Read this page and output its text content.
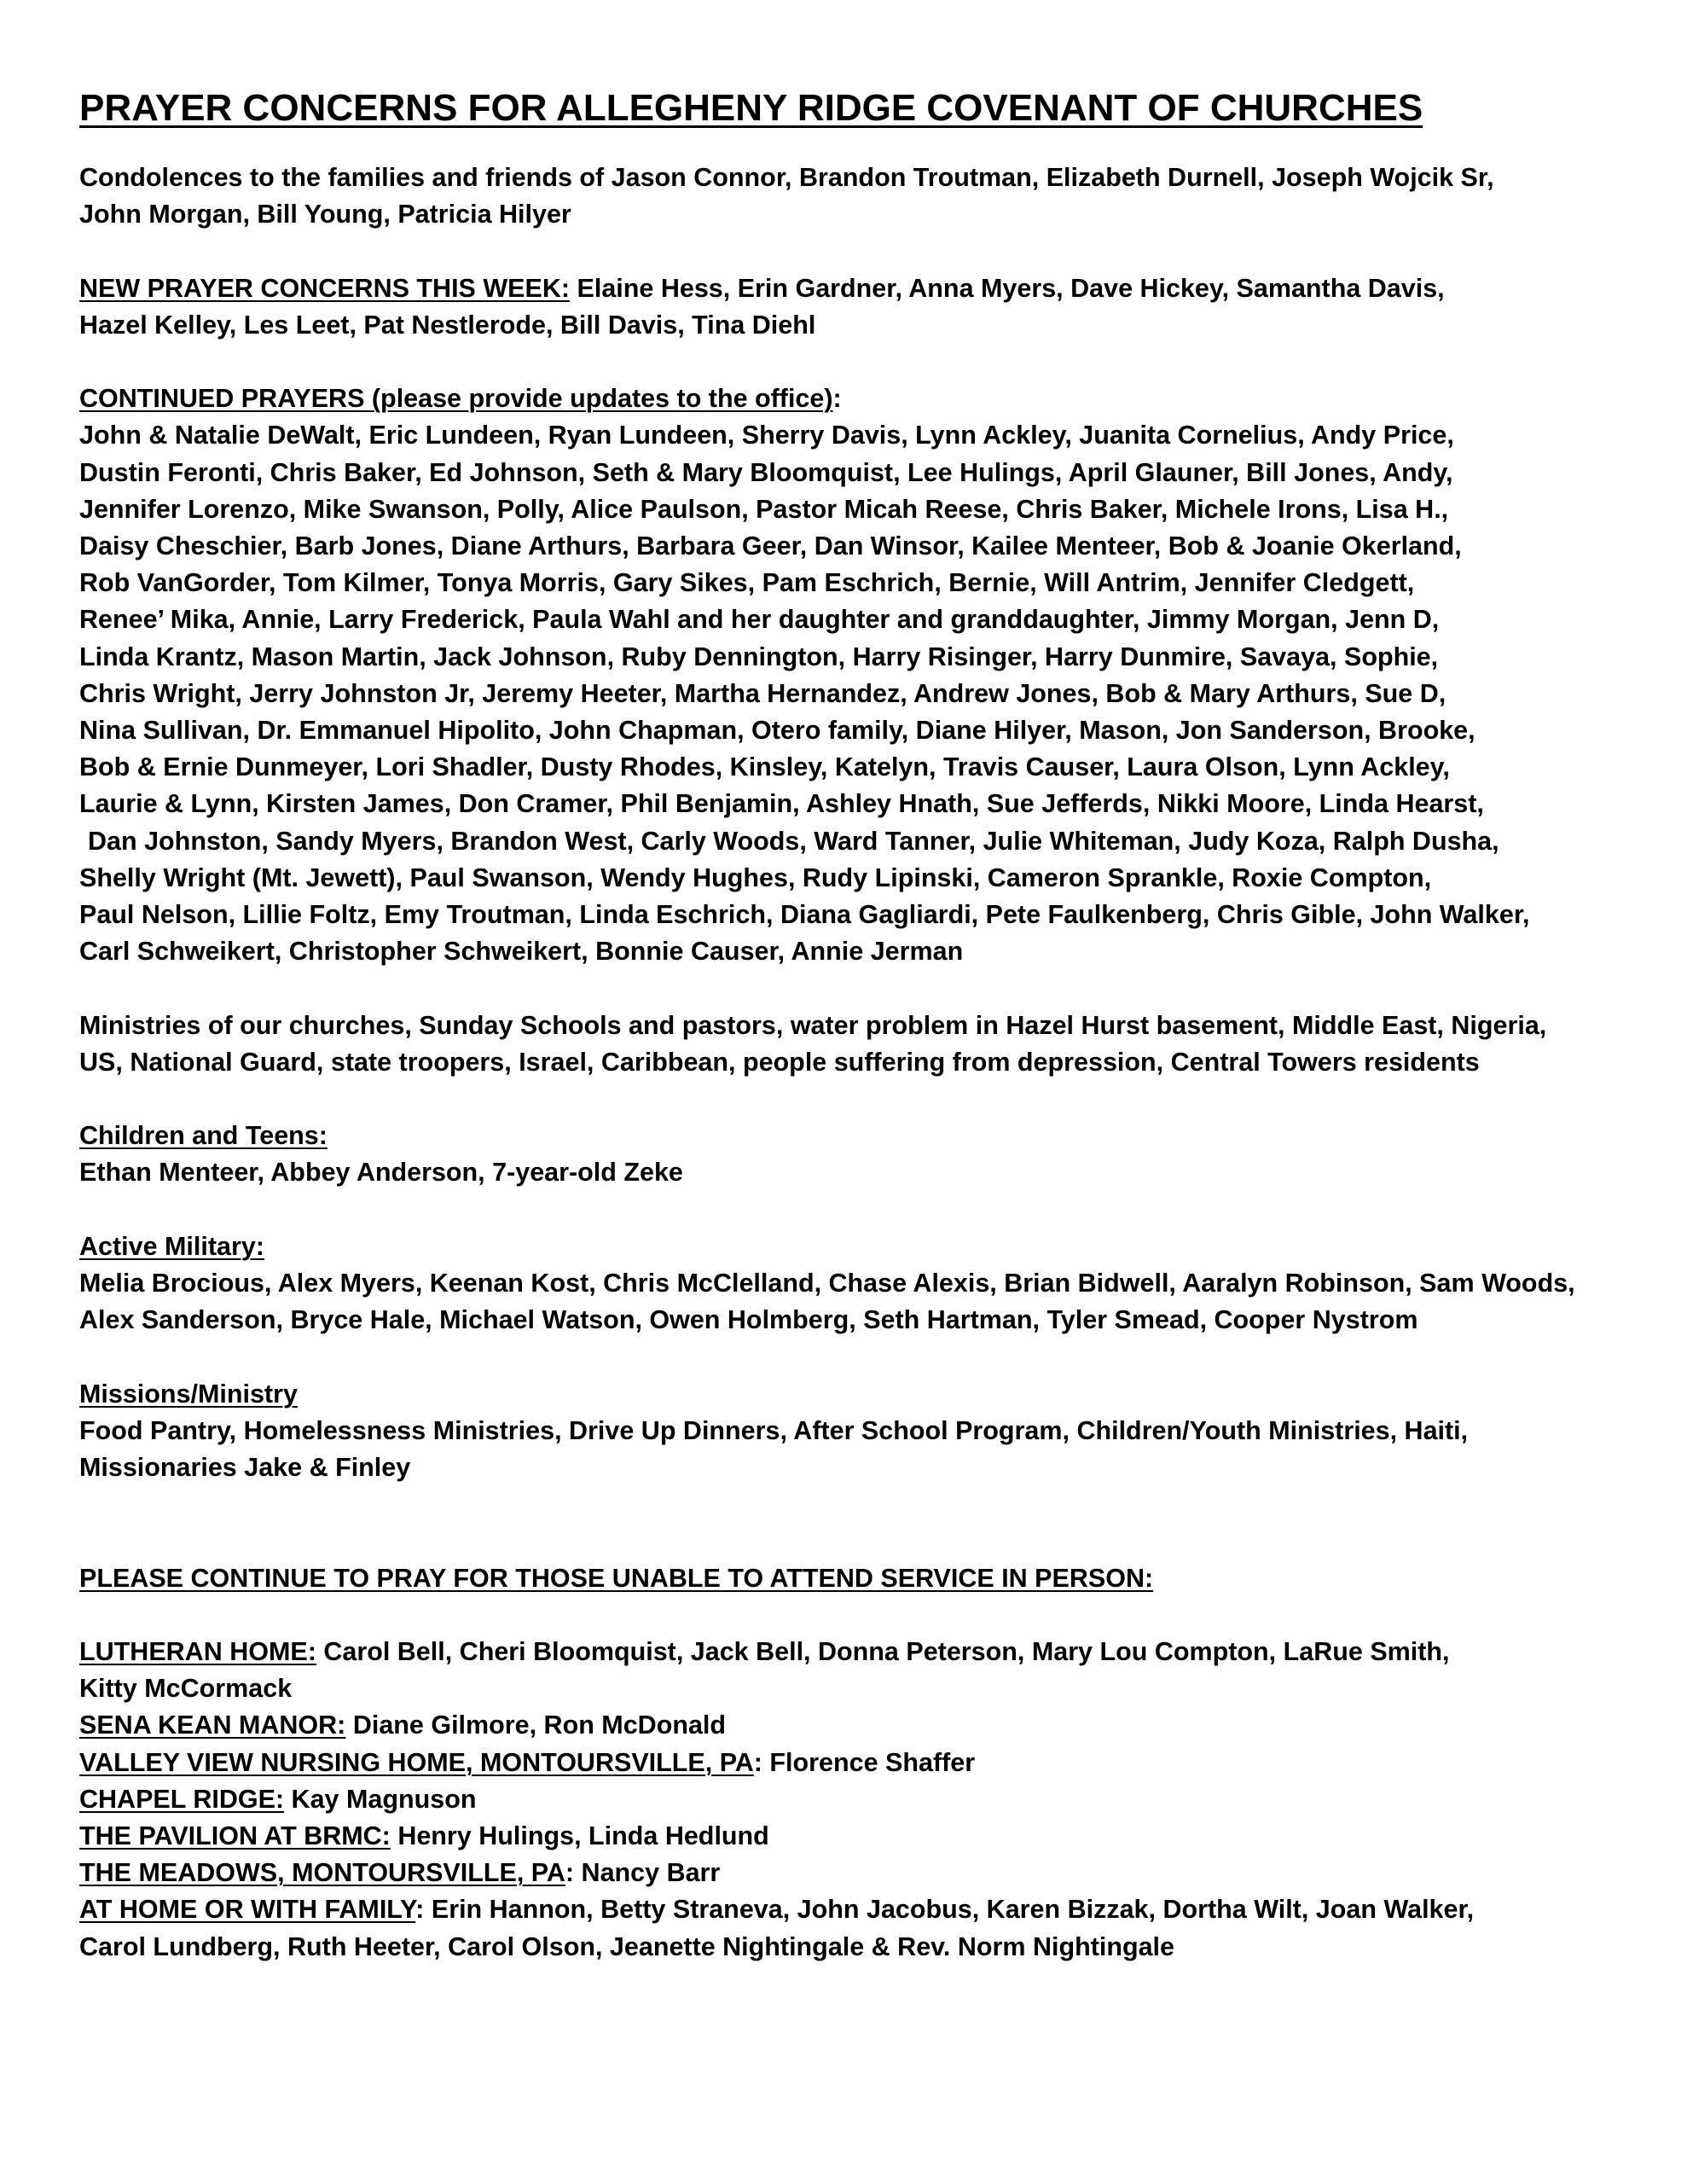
PRAYER CONCERNS FOR ALLEGHENY RIDGE COVENANT OF CHURCHES

Condolences to the families and friends of Jason Connor, Brandon Troutman, Elizabeth Durnell, Joseph Wojcik Sr,
John Morgan, Bill Young, Patricia Hilyer

NEW PRAYER CONCERNS THIS WEEK: Elaine Hess, Erin Gardner, Anna Myers, Dave Hickey, Samantha Davis,
Hazel Kelley, Les Leet, Pat Nestlerode, Bill Davis, Tina Diehl

CONTINUED PRAYERS (please provide updates to the office):
John & Natalie DeWalt, Eric Lundeen, Ryan Lundeen, Sherry Davis, Lynn Ackley, Juanita Cornelius, Andy Price,
Dustin Feronti, Chris Baker, Ed Johnson, Seth & Mary Bloomquist, Lee Hulings, April Glauner, Bill Jones, Andy,
Jennifer Lorenzo, Mike Swanson, Polly, Alice Paulson, Pastor Micah Reese, Chris Baker, Michele Irons, Lisa H.,
Daisy Cheschier, Barb Jones, Diane Arthurs, Barbara Geer, Dan Winsor, Kailee Menteer, Bob & Joanie Okerland,
Rob VanGorder, Tom Kilmer, Tonya Morris, Gary Sikes, Pam Eschrich, Bernie, Will Antrim, Jennifer Cledgett,
Renee’ Mika, Annie, Larry Frederick, Paula Wahl and her daughter and granddaughter, Jimmy Morgan, Jenn D,
Linda Krantz, Mason Martin, Jack Johnson, Ruby Dennington, Harry Risinger, Harry Dunmire, Savaya, Sophie,
Chris Wright, Jerry Johnston Jr, Jeremy Heeter, Martha Hernandez, Andrew Jones, Bob & Mary Arthurs, Sue D,
Nina Sullivan, Dr. Emmanuel Hipolito, John Chapman, Otero family, Diane Hilyer, Mason, Jon Sanderson, Brooke,
Bob & Ernie Dunmeyer, Lori Shadler, Dusty Rhodes, Kinsley, Katelyn, Travis Causer, Laura Olson, Lynn Ackley,
Laurie & Lynn, Kirsten James, Don Cramer, Phil Benjamin, Ashley Hnath, Sue Jefferds, Nikki Moore, Linda Hearst,
Dan Johnston, Sandy Myers, Brandon West, Carly Woods, Ward Tanner, Julie Whiteman, Judy Koza, Ralph Dusha,
Shelly Wright (Mt. Jewett), Paul Swanson, Wendy Hughes, Rudy Lipinski, Cameron Sprankle, Roxie Compton,
Paul Nelson, Lillie Foltz, Emy Troutman, Linda Eschrich, Diana Gagliardi, Pete Faulkenberg, Chris Gible, John Walker,
Carl Schweikert, Christopher Schweikert, Bonnie Causer, Annie Jerman

Ministries of our churches, Sunday Schools and pastors, water problem in Hazel Hurst basement, Middle East, Nigeria,
US, National Guard, state troopers, Israel, Caribbean, people suffering from depression, Central Towers residents

Children and Teens:
Ethan Menteer, Abbey Anderson, 7-year-old Zeke

Active Military:
Melia Brocious, Alex Myers, Keenan Kost, Chris McClelland, Chase Alexis, Brian Bidwell, Aaralyn Robinson, Sam Woods,
Alex Sanderson, Bryce Hale, Michael Watson, Owen Holmberg, Seth Hartman, Tyler Smead, Cooper Nystrom

Missions/Ministry
Food Pantry, Homelessness Ministries, Drive Up Dinners, After School Program, Children/Youth Ministries, Haiti,
Missionaries Jake & Finley

PLEASE CONTINUE TO PRAY FOR THOSE UNABLE TO ATTEND SERVICE IN PERSON:

LUTHERAN HOME: Carol Bell, Cheri Bloomquist, Jack Bell, Donna Peterson, Mary Lou Compton, LaRue Smith,
Kitty McCormack
SENA KEAN MANOR: Diane Gilmore, Ron McDonald
VALLEY VIEW NURSING HOME, MONTOURSVILLE, PA: Florence Shaffer
CHAPEL RIDGE: Kay Magnuson
THE PAVILION AT BRMC: Henry Hulings, Linda Hedlund
THE MEADOWS, MONTOURSVILLE, PA: Nancy Barr
AT HOME OR WITH FAMILY: Erin Hannon, Betty Straneva, John Jacobus, Karen Bizzak, Dortha Wilt, Joan Walker,
Carol Lundberg, Ruth Heeter, Carol Olson, Jeanette Nightingale & Rev. Norm Nightingale
